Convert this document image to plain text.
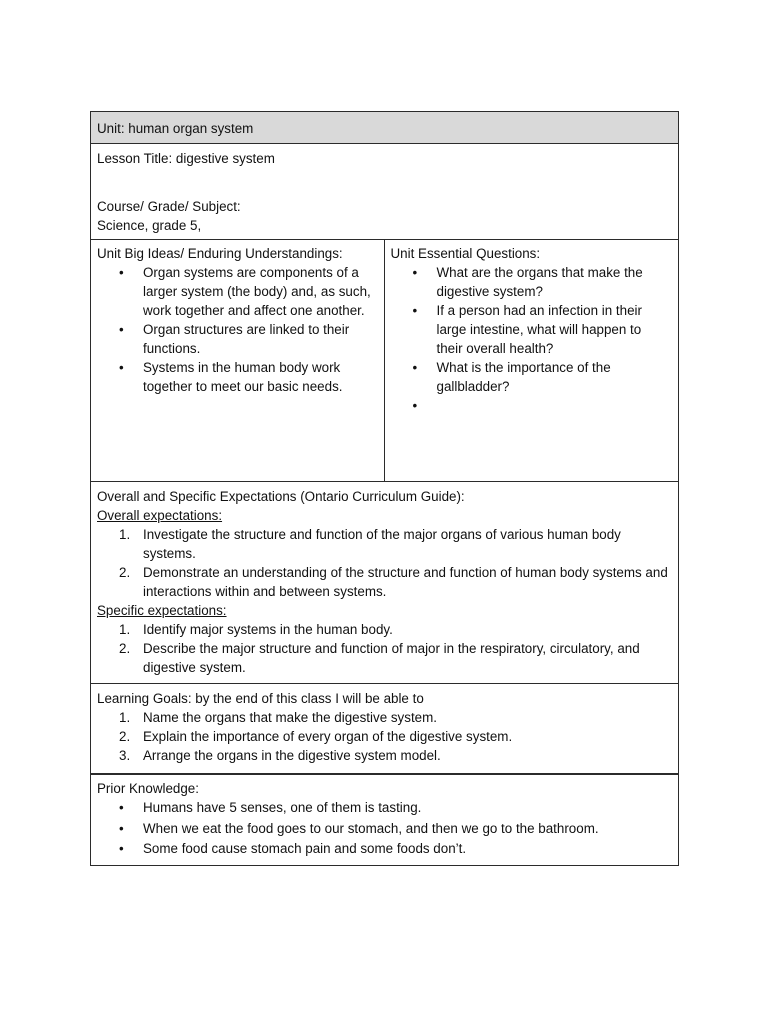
Unit: human organ system
Lesson Title: digestive system
Course/ Grade/ Subject:
Science, grade 5,
Unit Big Ideas/ Enduring Understandings:
• Organ systems are components of a larger system (the body) and, as such, work together and affect one another.
• Organ structures are linked to their functions.
• Systems in the human body work together to meet our basic needs.
Unit Essential Questions:
• What are the organs that make the digestive system?
• If a person had an infection in their large intestine, what will happen to their overall health?
• What is the importance of the gallbladder?
•
Overall and Specific Expectations (Ontario Curriculum Guide):
Overall expectations:
1. Investigate the structure and function of the major organs of various human body systems.
2. Demonstrate an understanding of the structure and function of human body systems and interactions within and between systems.
Specific expectations:
1. Identify major systems in the human body.
2. Describe the major structure and function of major in the respiratory, circulatory, and digestive system.
Learning Goals: by the end of this class I will be able to
1. Name the organs that make the digestive system.
2. Explain the importance of every organ of the digestive system.
3. Arrange the organs in the digestive system model.
Prior Knowledge:
• Humans have 5 senses, one of them is tasting.
• When we eat the food goes to our stomach, and then we go to the bathroom.
• Some food cause stomach pain and some foods don’t.
